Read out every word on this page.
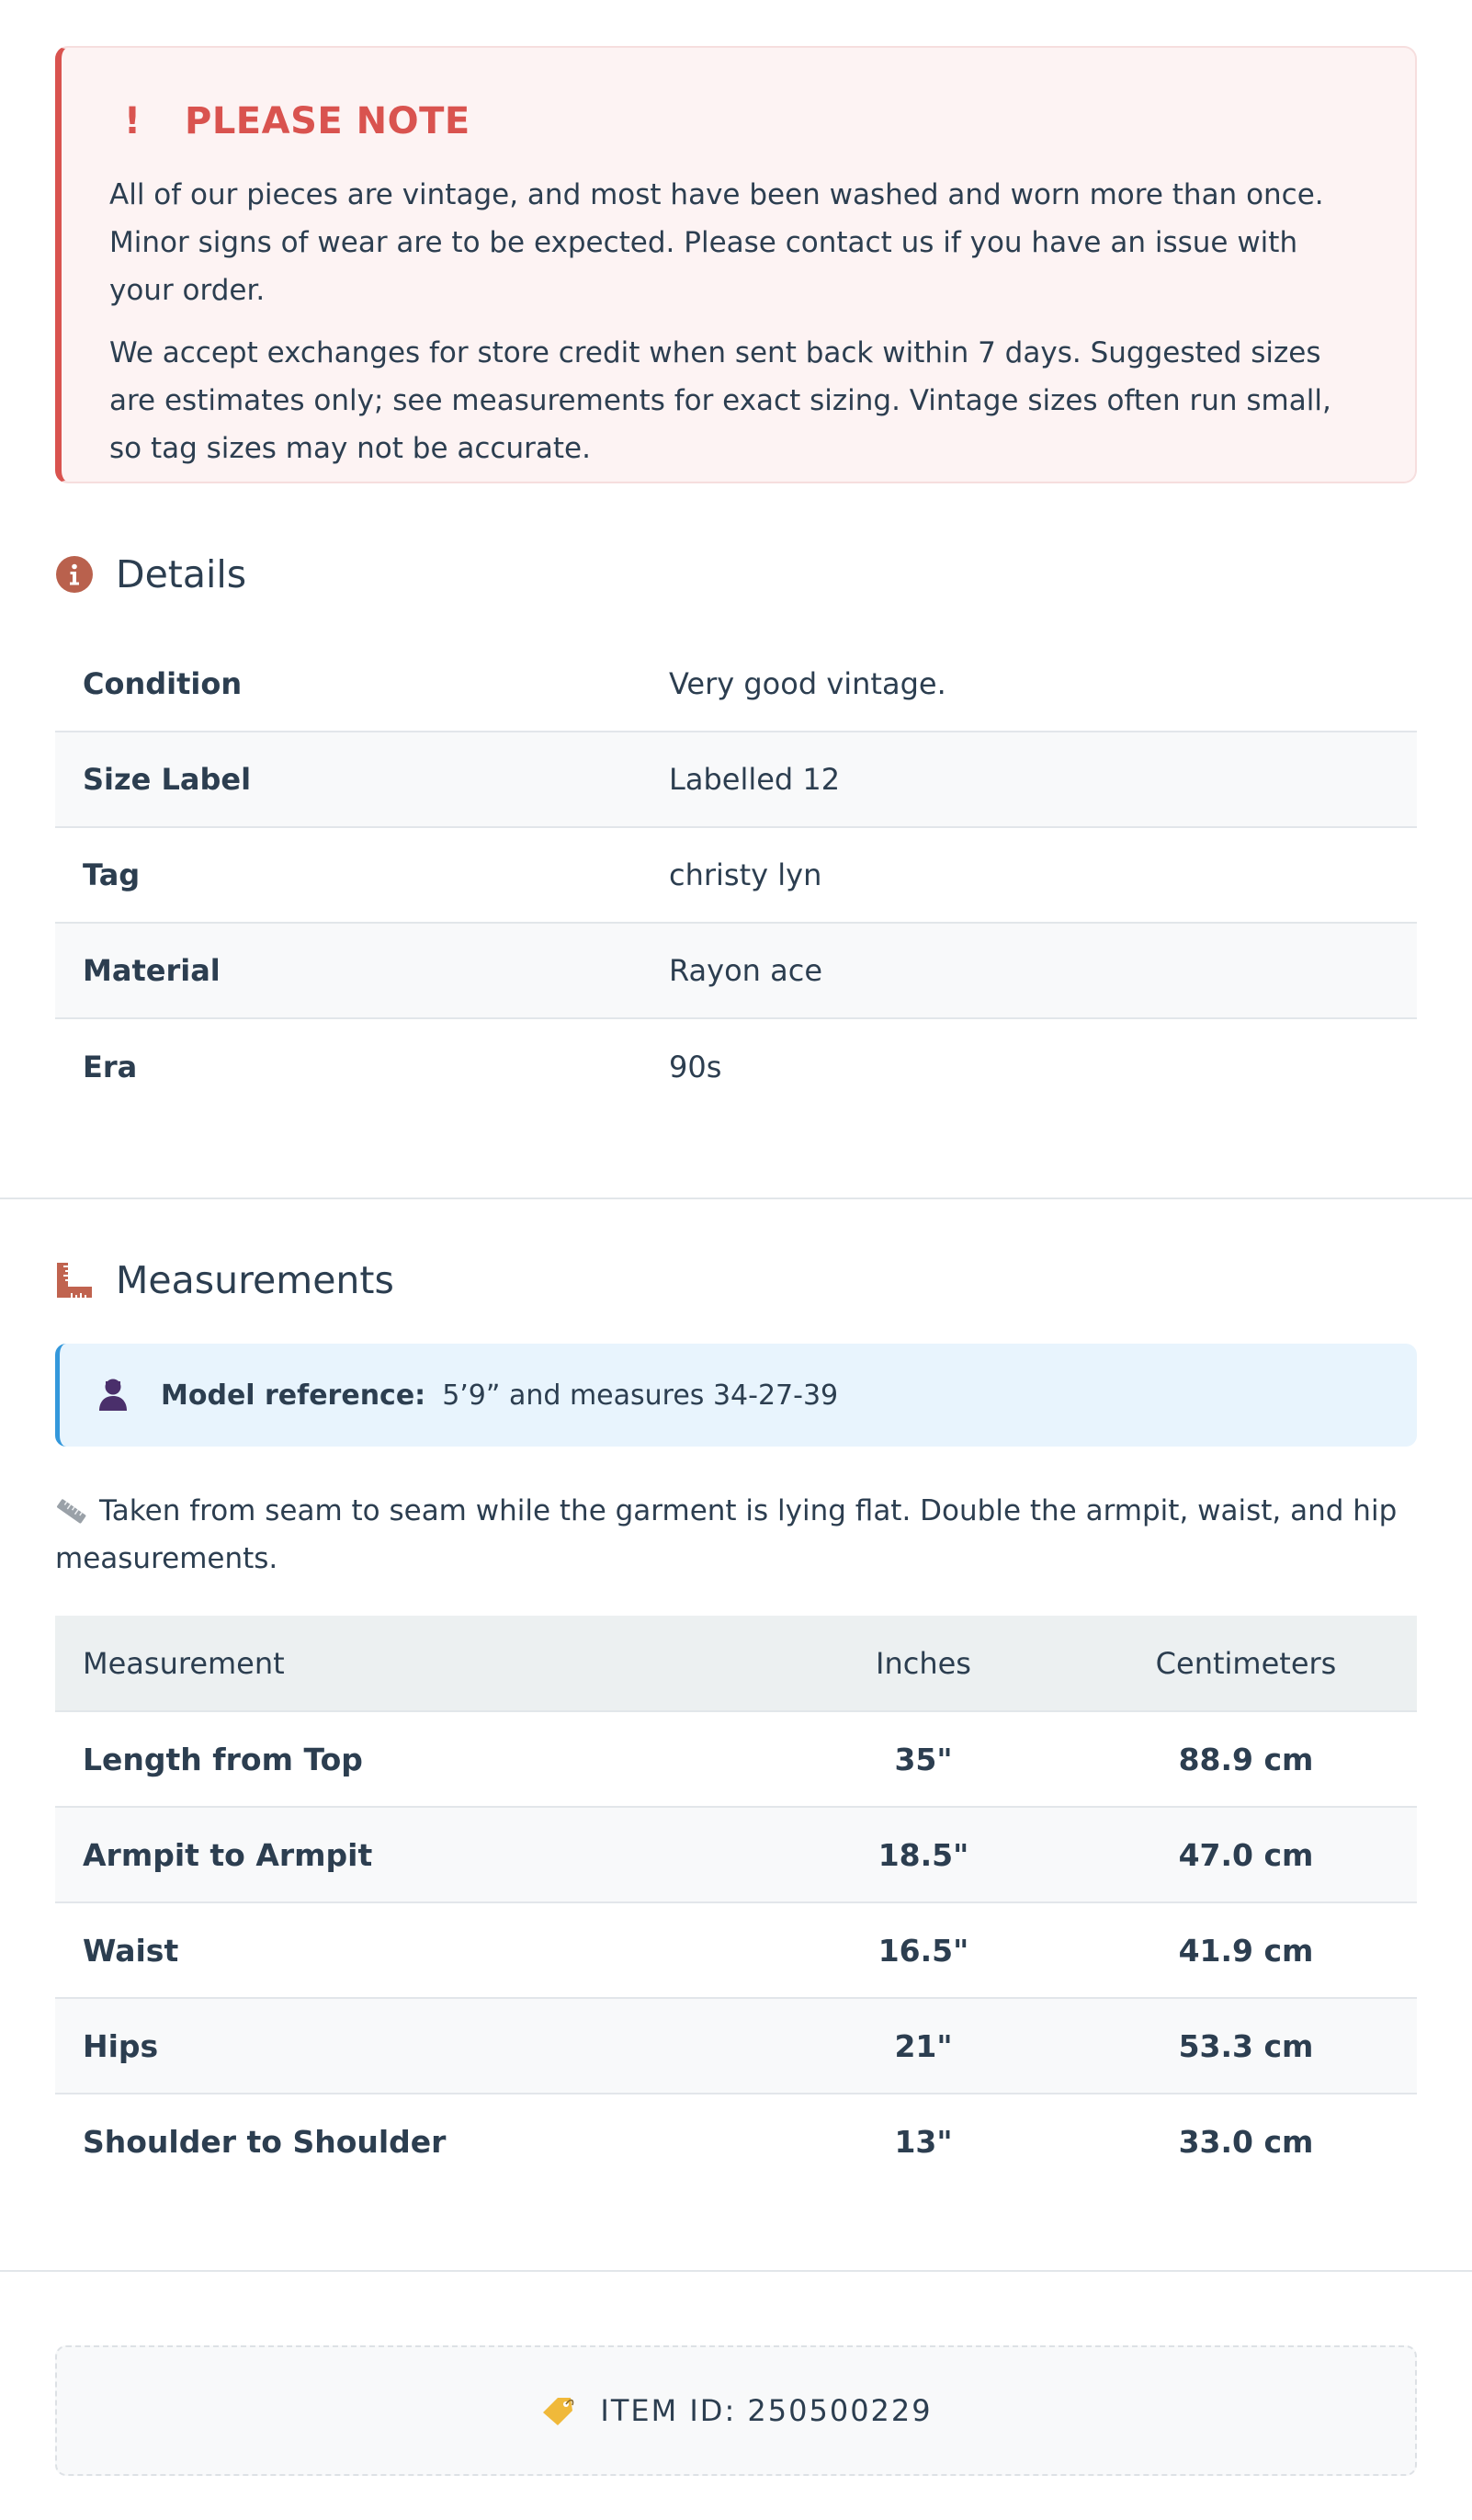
! PLEASE NOTE

All of our pieces are vintage, and most have been washed and worn more than once. Minor signs of wear are to be expected. Please contact us if you have an issue with your order.

We accept exchanges for store credit when sent back within 7 days. Suggested sizes are estimates only; see measurements for exact sizing. Vintage sizes often run small, so tag sizes may not be accurate.

Details
Condition	Very good vintage.
Size Label	Labelled 12
Tag	christy lyn
Material	Rayon ace
Era	90s
Measurements
Model reference: 5’9” and measures 34-27-39
Taken from seam to seam while the garment is lying flat. Double the armpit, waist, and hip measurements.
Measurement	Inches	Centimeters
Length from Top	35"	88.9 cm
Armpit to Armpit	18.5"	47.0 cm
Waist	16.5"	41.9 cm
Hips	21"	53.3 cm
Shoulder to Shoulder	13"	33.0 cm
ITEM ID: 250500229
